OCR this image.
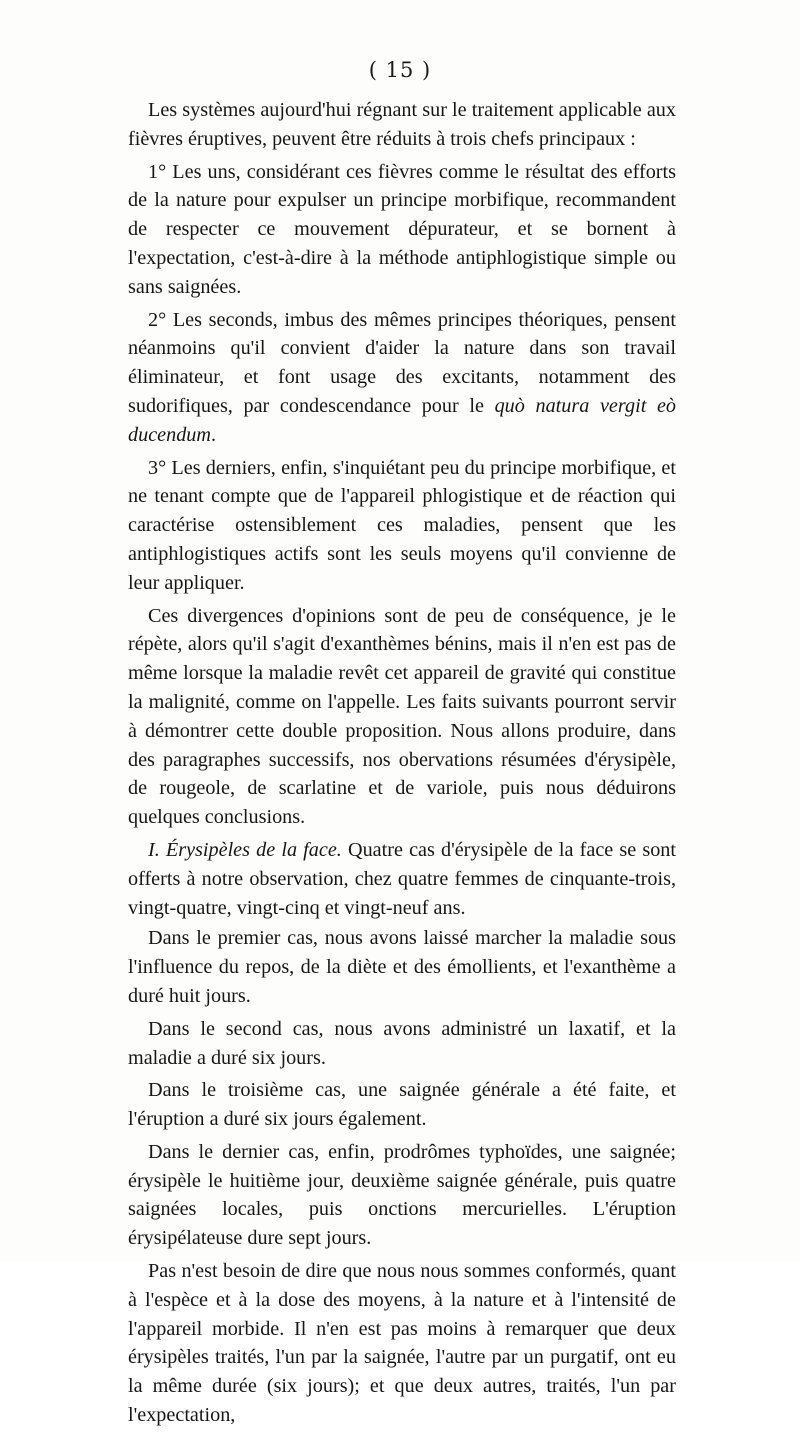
( 15 )

Les systèmes aujourd'hui régnant sur le traitement applicable aux fièvres éruptives, peuvent être réduits à trois chefs principaux :

1° Les uns, considérant ces fièvres comme le résultat des efforts de la nature pour expulser un principe morbifique, recommandent de respecter ce mouvement dépurateur, et se bornent à l'expectation, c'est-à-dire à la méthode antiphlogistique simple ou sans saignées.

2° Les seconds, imbus des mêmes principes théoriques, pensent néanmoins qu'il convient d'aider la nature dans son travail éliminateur, et font usage des excitants, notamment des sudorifiques, par condescendance pour le quò natura vergit eò ducendum.

3° Les derniers, enfin, s'inquiétant peu du principe morbifique, et ne tenant compte que de l'appareil phlogistique et de réaction qui caractérise ostensiblement ces maladies, pensent que les antiphlogistiques actifs sont les seuls moyens qu'il convienne de leur appliquer.

Ces divergences d'opinions sont de peu de conséquence, je le répète, alors qu'il s'agit d'exanthèmes bénins, mais il n'en est pas de même lorsque la maladie revêt cet appareil de gravité qui constitue la malignité, comme on l'appelle. Les faits suivants pourront servir à démontrer cette double proposition. Nous allons produire, dans des paragraphes successifs, nos obervations résumées d'érysipèle, de rougeole, de scarlatine et de variole, puis nous déduirons quelques conclusions.

I. Érysipèles de la face. Quatre cas d'érysipèle de la face se sont offerts à notre observation, chez quatre femmes de cinquante-trois, vingt-quatre, vingt-cinq et vingt-neuf ans.

Dans le premier cas, nous avons laissé marcher la maladie sous l'influence du repos, de la diète et des émollients, et l'exanthème a duré huit jours.

Dans le second cas, nous avons administré un laxatif, et la maladie a duré six jours.

Dans le troisième cas, une saignée générale a été faite, et l'éruption a duré six jours également.

Dans le dernier cas, enfin, prodrômes typhoïdes, une saignée; érysipèle le huitième jour, deuxième saignée générale, puis quatre saignées locales, puis onctions mercurielles. L'éruption érysipélateuse dure sept jours.

Pas n'est besoin de dire que nous nous sommes conformés, quant à l'espèce et à la dose des moyens, à la nature et à l'intensité de l'appareil morbide. Il n'en est pas moins à remarquer que deux érysipèles traités, l'un par la saignée, l'autre par un purgatif, ont eu la même durée (six jours); et que deux autres, traités, l'un par l'expectation,
